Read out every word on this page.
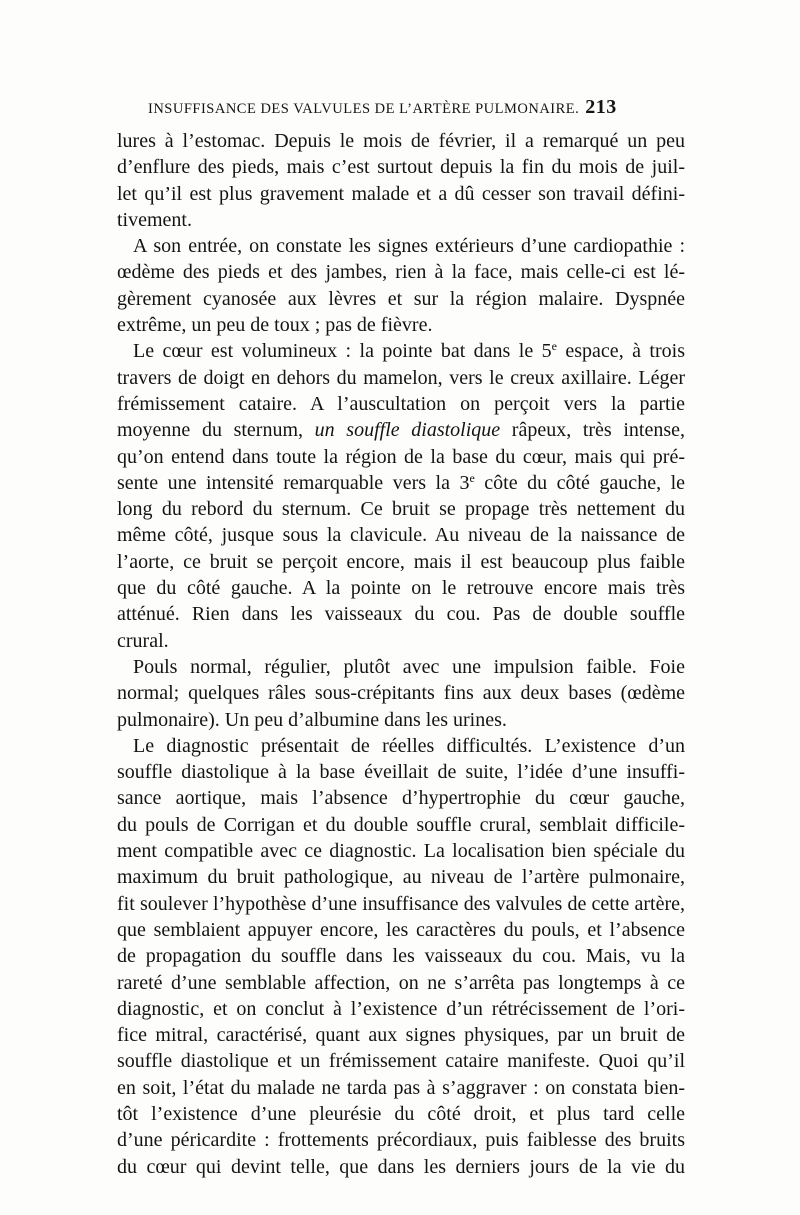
INSUFFISANCE DES VALVULES DE L’ARTÈRE PULMONAIRE. 213
lures à l’estomac. Depuis le mois de février, il a remarqué un peu
d’enflure des pieds, mais c’est surtout depuis la fin du mois de juil-
let qu’il est plus gravement malade et a dû cesser son travail défini-
tivement.
A son entrée, on constate les signes extérieurs d’une cardiopathie :
œdème des pieds et des jambes, rien à la face, mais celle-ci est lé-
gèrement cyanosée aux lèvres et sur la région malaire. Dyspnée
extrême, un peu de toux ; pas de fièvre.
Le cœur est volumineux : la pointe bat dans le 5e espace, à trois
travers de doigt en dehors du mamelon, vers le creux axillaire. Léger
frémissement cataire. A l’auscultation on perçoit vers la partie
moyenne du sternum, un souffle diastolique râpeux, très intense,
qu’on entend dans toute la région de la base du cœur, mais qui pré-
sente une intensité remarquable vers la 3e côte du côté gauche, le
long du rebord du sternum. Ce bruit se propage très nettement du
même côté, jusque sous la clavicule. Au niveau de la naissance de
l’aorte, ce bruit se perçoit encore, mais il est beaucoup plus faible
que du côté gauche. A la pointe on le retrouve encore mais très
atténué. Rien dans les vaisseaux du cou. Pas de double souffle
crural.
Pouls normal, régulier, plutôt avec une impulsion faible. Foie
normal; quelques râles sous-crépitants fins aux deux bases (œdème
pulmonaire). Un peu d’albumine dans les urines.
Le diagnostic présentait de réelles difficultés. L’existence d’un
souffle diastolique à la base éveillait de suite, l’idée d’une insuffi-
sance aortique, mais l’absence d’hypertrophie du cœur gauche,
du pouls de Corrigan et du double souffle crural, semblait difficile-
ment compatible avec ce diagnostic. La localisation bien spéciale du
maximum du bruit pathologique, au niveau de l’artère pulmonaire,
fit soulever l’hypothèse d’une insuffisance des valvules de cette artère,
que semblaient appuyer encore, les caractères du pouls, et l’absence
de propagation du souffle dans les vaisseaux du cou. Mais, vu la
rareté d’une semblable affection, on ne s’arrêta pas longtemps à ce
diagnostic, et on conclut à l’existence d’un rétrécissement de l’ori-
fice mitral, caractérisé, quant aux signes physiques, par un bruit de
souffle diastolique et un frémissement cataire manifeste. Quoi qu’il
en soit, l’état du malade ne tarda pas à s’aggraver : on constata bien-
tôt l’existence d’une pleurésie du côté droit, et plus tard celle
d’une péricardite : frottements précordiaux, puis faiblesse des bruits
du cœur qui devint telle, que dans les derniers jours de la vie du
